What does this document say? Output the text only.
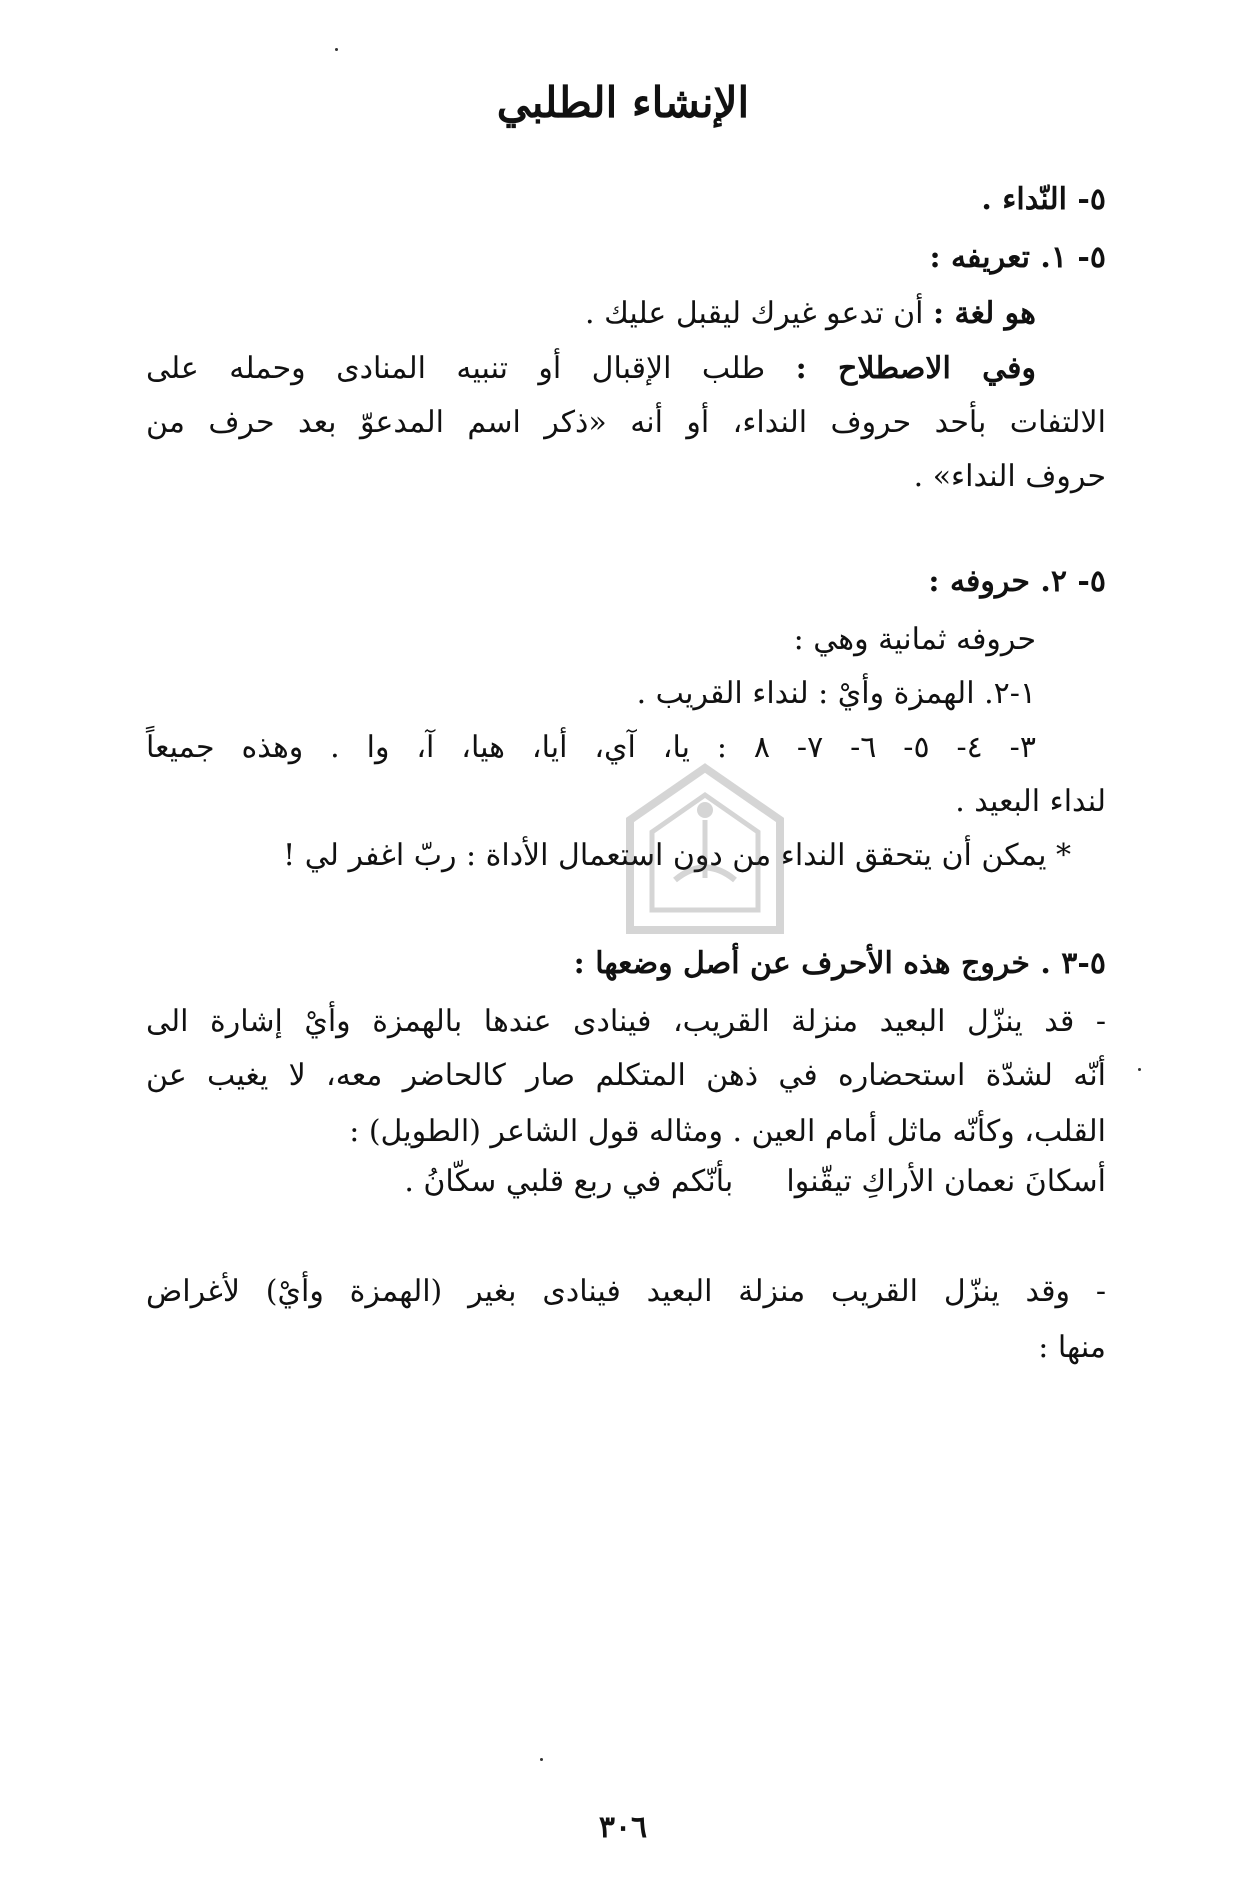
الإنشاء الطلبي
٥- النّداء .
٥- ١. تعريفه :
هو لغة : أن تدعو غيرك ليقبل عليك .
وفي الاصطلاح : طلب الإقبال أو تنبيه المنادى وحمله على
الالتفات بأحد حروف النداء، أو أنه «ذكر اسم المدعوّ بعد حرف من
حروف النداء» .
٥- ٢. حروفه :
حروفه ثمانية وهي :
١-٢. الهمزة وأيْ : لنداء القريب .
٣- ٤- ٥- ٦- ٧- ٨ : يا، آي، أيا، هيا، آ، وا . وهذه جميعاً
لنداء البعيد .
* يمكن أن يتحقق النداء من دون استعمال الأداة : ربّ اغفر لي !
٥-٣ . خروج هذه الأحرف عن أصل وضعها :
- قد ينزّل البعيد منزلة القريب، فينادى عندها بالهمزة وأيْ إشارة الى
أنّه لشدّة استحضاره في ذهن المتكلم صار كالحاضر معه، لا يغيب عن
القلب، وكأنّه ماثل أمام العين . ومثاله قول الشاعر (الطويل) :
أسكانَ نعمان الأراكِ تيقّنوا  بأنّكم في ربع قلبي سكّانُ .
- وقد ينزّل القريب منزلة البعيد فينادى بغير (الهمزة وأيْ) لأغراض
منها :
٣٠٦
